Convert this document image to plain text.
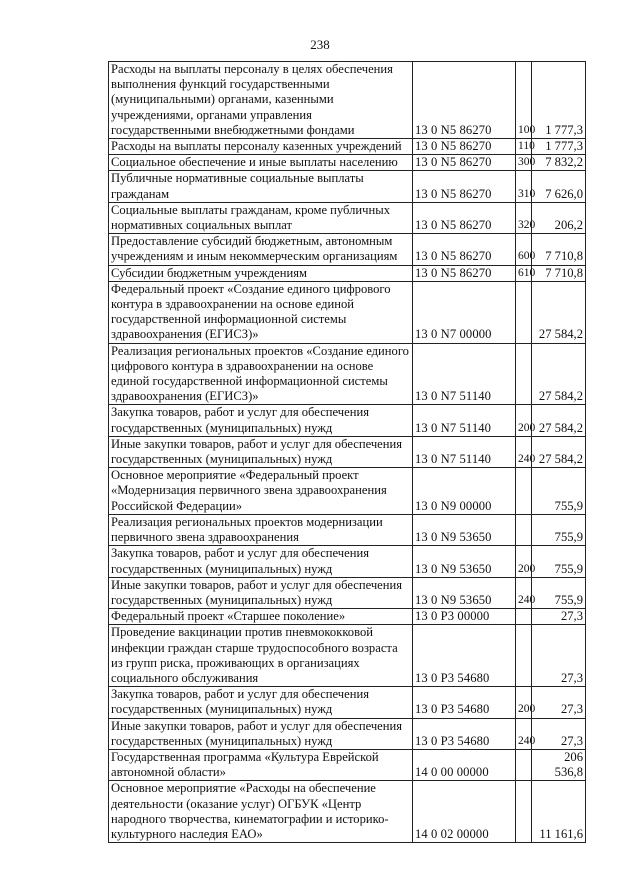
238
Расходы на выплаты персоналу в целях обеспечения выполнения функций государственными (муниципальными) органами, казенными учреждениями, органами управления государственными внебюджетными фондами	13 0 N5 86270	100	1 777,3
Расходы на выплаты персоналу казенных учреждений	13 0 N5 86270	110	1 777,3
Социальное обеспечение и иные выплаты населению	13 0 N5 86270	300	7 832,2
Публичные нормативные социальные выплаты гражданам	13 0 N5 86270	310	7 626,0
Социальные выплаты гражданам, кроме публичных нормативных социальных выплат	13 0 N5 86270	320	206,2
Предоставление субсидий бюджетным, автономным учреждениям и иным некоммерческим организациям	13 0 N5 86270	600	7 710,8
Субсидии бюджетным учреждениям	13 0 N5 86270	610	7 710,8
Федеральный проект «Создание единого цифрового контура в здравоохранении на основе единой государственной информационной системы здравоохранения (ЕГИСЗ)»	13 0 N7 00000		27 584,2
Реализация региональных проектов «Создание единого цифрового контура в здравоохранении на основе единой государственной информационной системы здравоохранения (ЕГИСЗ)»	13 0 N7 51140		27 584,2
Закупка товаров, работ и услуг для обеспечения государственных (муниципальных) нужд	13 0 N7 51140	200	27 584,2
Иные закупки товаров, работ и услуг для обеспечения государственных (муниципальных) нужд	13 0 N7 51140	240	27 584,2
Основное мероприятие «Федеральный проект «Модернизация первичного звена здравоохранения Российской Федерации»	13 0 N9 00000		755,9
Реализация региональных проектов модернизации первичного звена здравоохранения	13 0 N9 53650		755,9
Закупка товаров, работ и услуг для обеспечения государственных (муниципальных) нужд	13 0 N9 53650	200	755,9
Иные закупки товаров, работ и услуг для обеспечения государственных (муниципальных) нужд	13 0 N9 53650	240	755,9
Федеральный проект «Старшее поколение»	13 0 P3 00000		27,3
Проведение вакцинации против пневмококковой инфекции граждан старше трудоспособного возраста из групп риска, проживающих в организациях социального обслуживания	13 0 P3 54680		27,3
Закупка товаров, работ и услуг для обеспечения государственных (муниципальных) нужд	13 0 P3 54680	200	27,3
Иные закупки товаров, работ и услуг для обеспечения государственных (муниципальных) нужд	13 0 P3 54680	240	27,3
Государственная программа «Культура Еврейской автономной области»	14 0 00 00000		206 536,8
Основное мероприятие «Расходы на обеспечение деятельности (оказание услуг) ОГБУК «Центр народного творчества, кинематографии и историко-культурного наследия ЕАО»	14 0 02 00000		11 161,6
